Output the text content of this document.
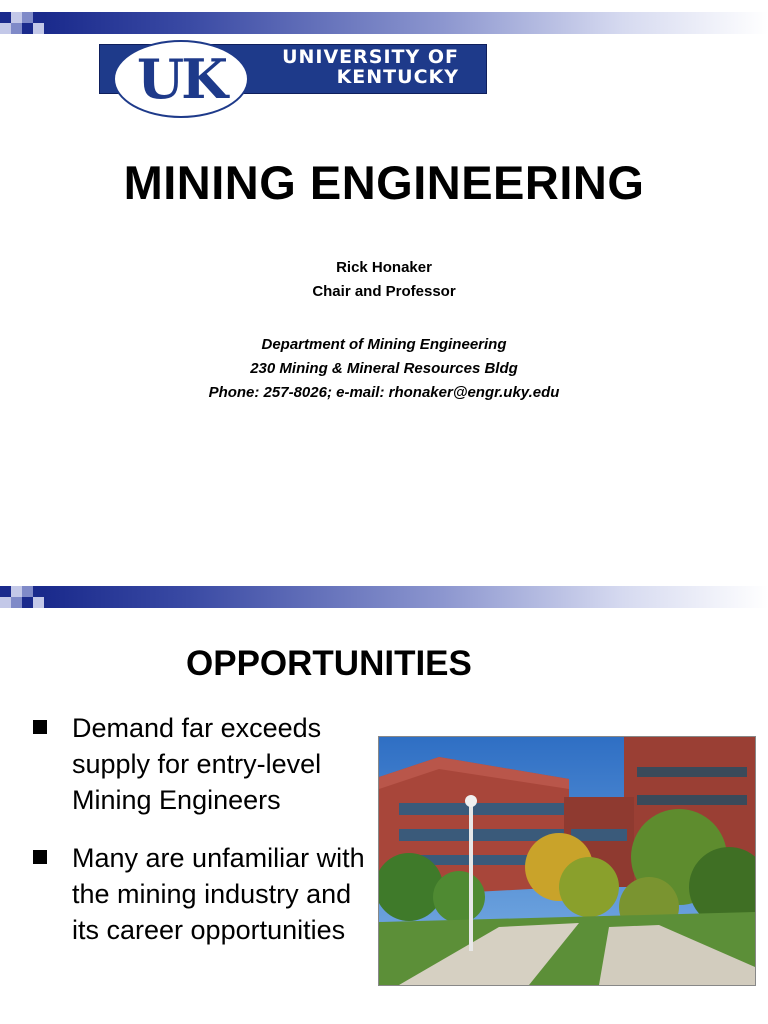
UK	UNIVERSITY OF
KENTUCKY
MINING ENGINEERING
Rick Honaker
Chair and Professor
Department of Mining Engineering
230 Mining & Mineral Resources Bldg
Phone: 257-8026; e-mail: rhonaker@engr.uky.edu
OPPORTUNITIES
Demand far exceeds supply for entry-level Mining Engineers
Many are unfamiliar with the mining industry and its career opportunities
